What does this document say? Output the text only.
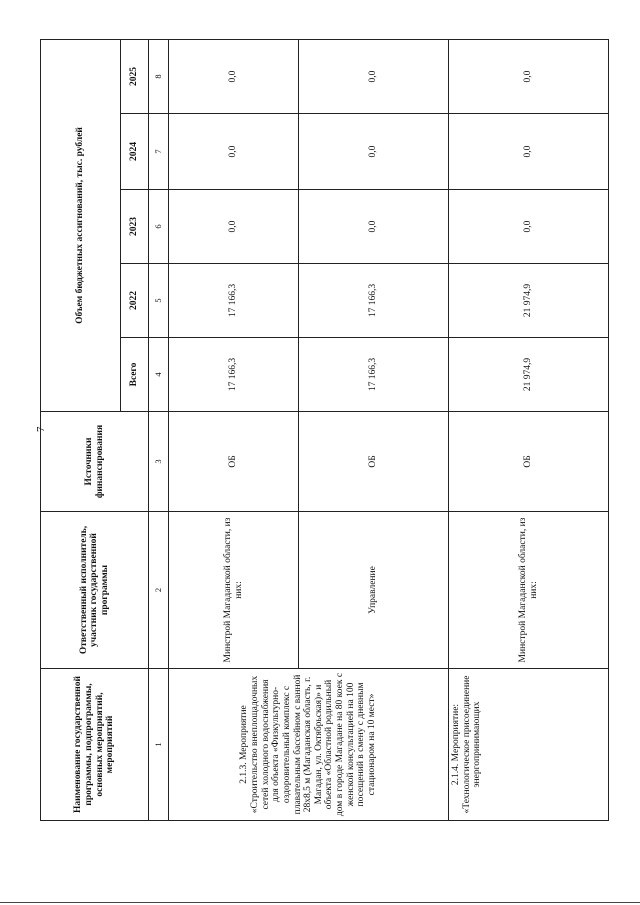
7
Наименование государственной программы, подпрограммы, основных мероприятий, мероприятий	Ответственный исполнитель, участник государственной программы	Источники финансирования	Объем бюджетных ассигнований, тыс. рублей				
			Всего	2022	2023	2024	2025
1	2	3	4	5	6	7	8
2.1.3. Мероприятие «Строительство внеплощадочных сетей холодного водоснабжения для объекта «Физкультурно-оздоровительный комплекс с плавательным бассейном с ванной 28х8,5 м (Магаданская область, г. Магадан, ул. Октябрьская)» и объекта «Областной родильный дом в городе Магадане на 80 коек с женской консультацией на 100 посещений в смену с дневным стационаром на 10 мест»	Минстрой Магаданской области, из них:	ОБ	17 166,3	17 166,3	0,0	0,0	0,0
	Управление	ОБ	17 166,3	17 166,3	0,0	0,0	0,0
2.1.4. Мероприятие: «Технологическое присоединение энергопринимающих	Минстрой Магаданской области, из них:	ОБ	21 974,9	21 974,9	0,0	0,0	0,0
